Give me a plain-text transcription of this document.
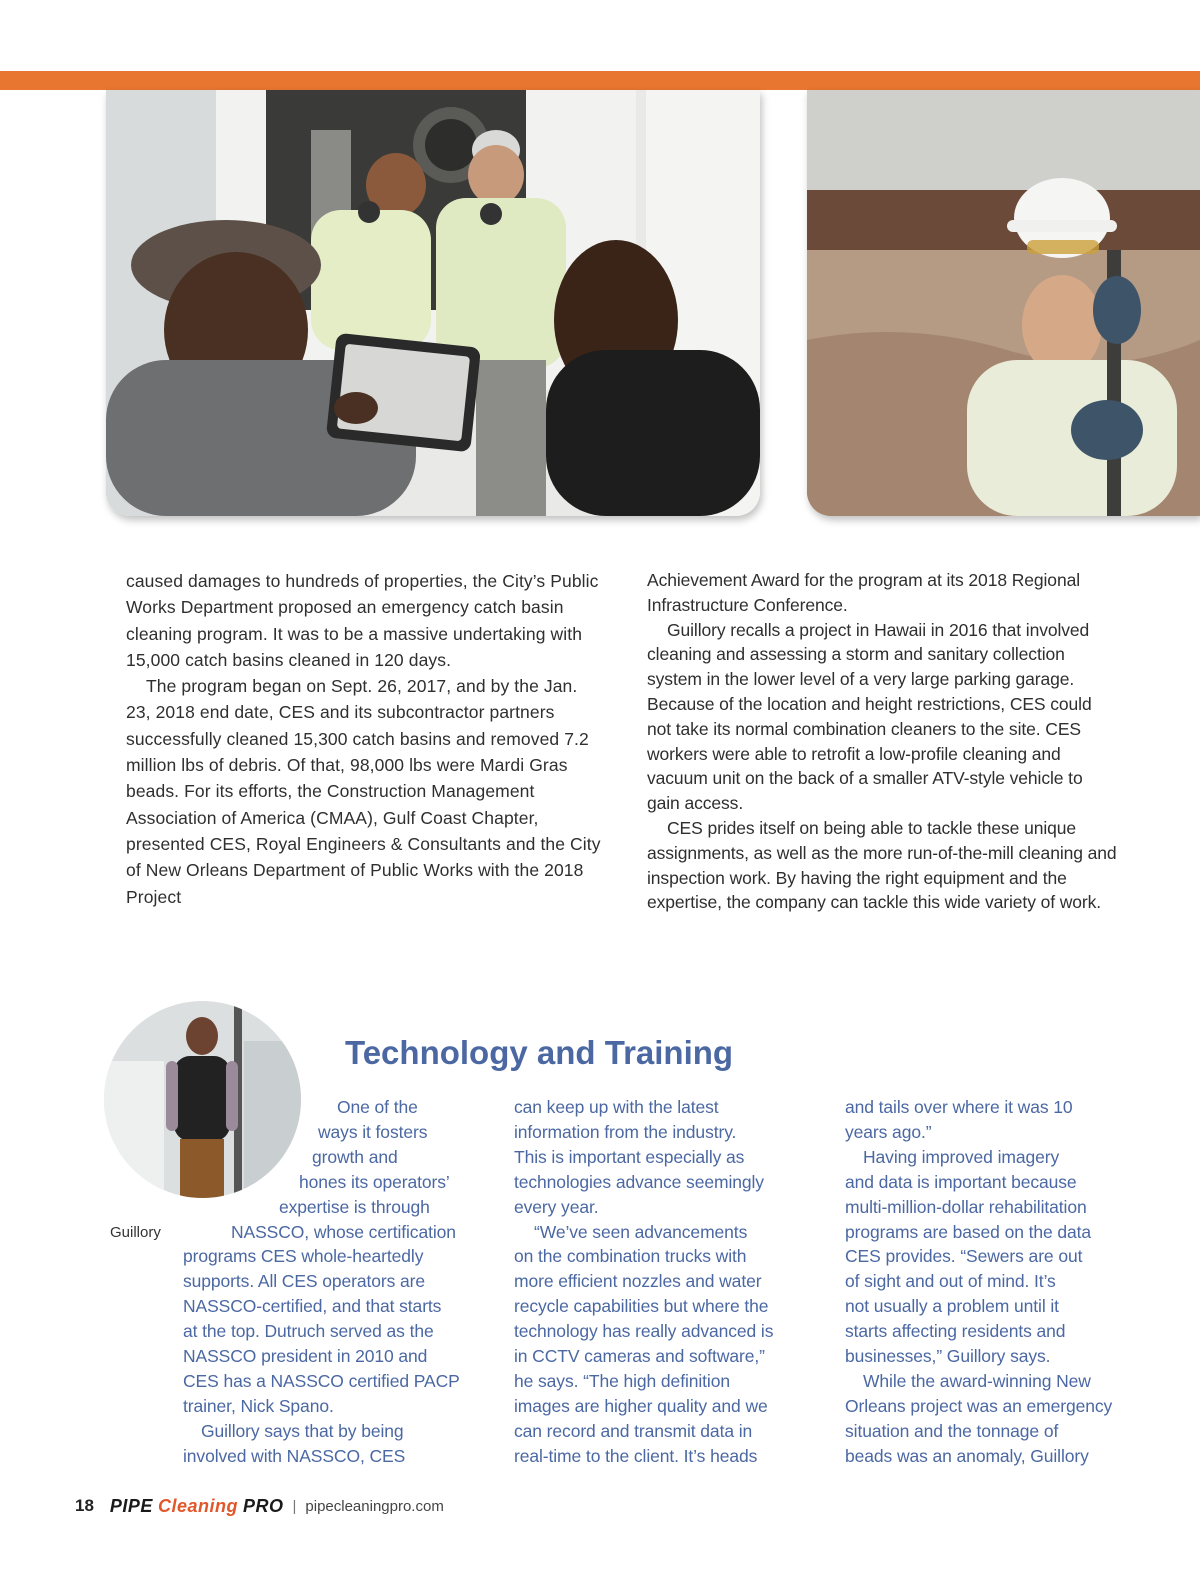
caused damages to hundreds of properties, the City’s Public Works Department proposed an emergency catch basin cleaning program. It was to be a massive undertaking with 15,000 catch basins cleaned in 120 days.

The program began on Sept. 26, 2017, and by the Jan. 23, 2018 end date, CES and its subcontractor partners successfully cleaned 15,300 catch basins and removed 7.2 million lbs of debris. Of that, 98,000 lbs were Mardi Gras beads. For its efforts, the Construction Management Association of America (CMAA), Gulf Coast Chapter, presented CES, Royal Engineers & Consultants and the City of New Orleans Department of Public Works with the 2018 Project

Achievement Award for the program at its 2018 Regional Infrastructure Conference.

Guillory recalls a project in Hawaii in 2016 that involved cleaning and assessing a storm and sanitary collection system in the lower level of a very large parking garage. Because of the location and height restrictions, CES could not take its normal combination cleaners to the site. CES workers were able to retrofit a low-profile cleaning and vacuum unit on the back of a smaller ATV-style vehicle to gain access.

CES prides itself on being able to tackle these unique assignments, as well as the more run-of-the-mill cleaning and inspection work. By having the right equipment and the expertise, the company can tackle this wide variety of work.

Guillory
Technology and Training
One of the
ways it fosters
growth and
hones its operators’
expertise is through
NASSCO, whose certification
programs CES whole-heartedly
supports. All CES operators are
NASSCO-certified, and that starts
at the top. Dutruch served as the
NASSCO president in 2010 and
CES has a NASSCO certified PACP
trainer, Nick Spano.
Guillory says that by being
involved with NASSCO, CES
can keep up with the latest
information from the industry.
This is important especially as
technologies advance seemingly
every year.
“We’ve seen advancements
on the combination trucks with
more efficient nozzles and water
recycle capabilities but where the
technology has really advanced is
in CCTV cameras and software,”
he says. “The high definition
images are higher quality and we
can record and transmit data in
real-time to the client. It’s heads
and tails over where it was 10
years ago.”
Having improved imagery
and data is important because
multi-million-dollar rehabilitation
programs are based on the data
CES provides. “Sewers are out
of sight and out of mind. It’s
not usually a problem until it
starts affecting residents and
businesses,” Guillory says.
While the award-winning New
Orleans project was an emergency
situation and the tonnage of
beads was an anomaly, Guillory
18 PIPE Cleaning PRO | pipecleaningpro.com
